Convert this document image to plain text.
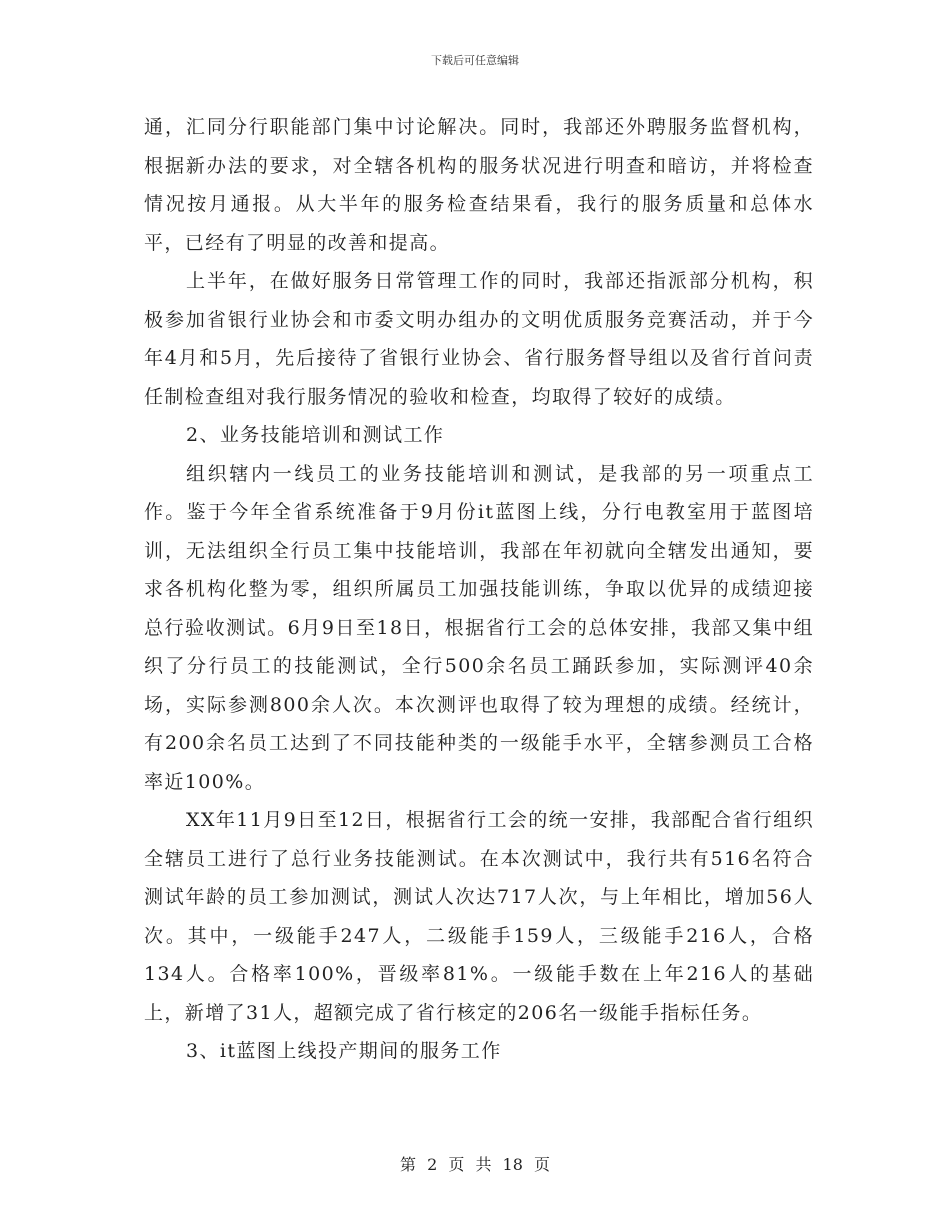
下载后可任意编辑

通，汇同分行职能部门集中讨论解决。同时，我部还外聘服务监督机构，根据新办法的要求，对全辖各机构的服务状况进行明查和暗访，并将检查情况按月通报。从大半年的服务检查结果看，我行的服务质量和总体水平，已经有了明显的改善和提高。

上半年，在做好服务日常管理工作的同时，我部还指派部分机构，积极参加省银行业协会和市委文明办组办的文明优质服务竞赛活动，并于今年4月和5月，先后接待了省银行业协会、省行服务督导组以及省行首问责任制检查组对我行服务情况的验收和检查，均取得了较好的成绩。

2、业务技能培训和测试工作

组织辖内一线员工的业务技能培训和测试，是我部的另一项重点工作。鉴于今年全省系统准备于9月份it蓝图上线，分行电教室用于蓝图培训，无法组织全行员工集中技能培训，我部在年初就向全辖发出通知，要求各机构化整为零，组织所属员工加强技能训练，争取以优异的成绩迎接总行验收测试。6月9日至18日，根据省行工会的总体安排，我部又集中组织了分行员工的技能测试，全行500余名员工踊跃参加，实际测评40余场，实际参测800余人次。本次测评也取得了较为理想的成绩。经统计，有200余名员工达到了不同技能种类的一级能手水平，全辖参测员工合格率近100%。

XX年11月9日至12日，根据省行工会的统一安排，我部配合省行组织全辖员工进行了总行业务技能测试。在本次测试中，我行共有516名符合测试年龄的员工参加测试，测试人次达717人次，与上年相比，增加56人次。其中，一级能手247人，二级能手159人，三级能手216人，合格134人。合格率100%，晋级率81%。一级能手数在上年216人的基础上，新增了31人，超额完成了省行核定的206名一级能手指标任务。

3、it蓝图上线投产期间的服务工作

第 2 页 共 18 页
